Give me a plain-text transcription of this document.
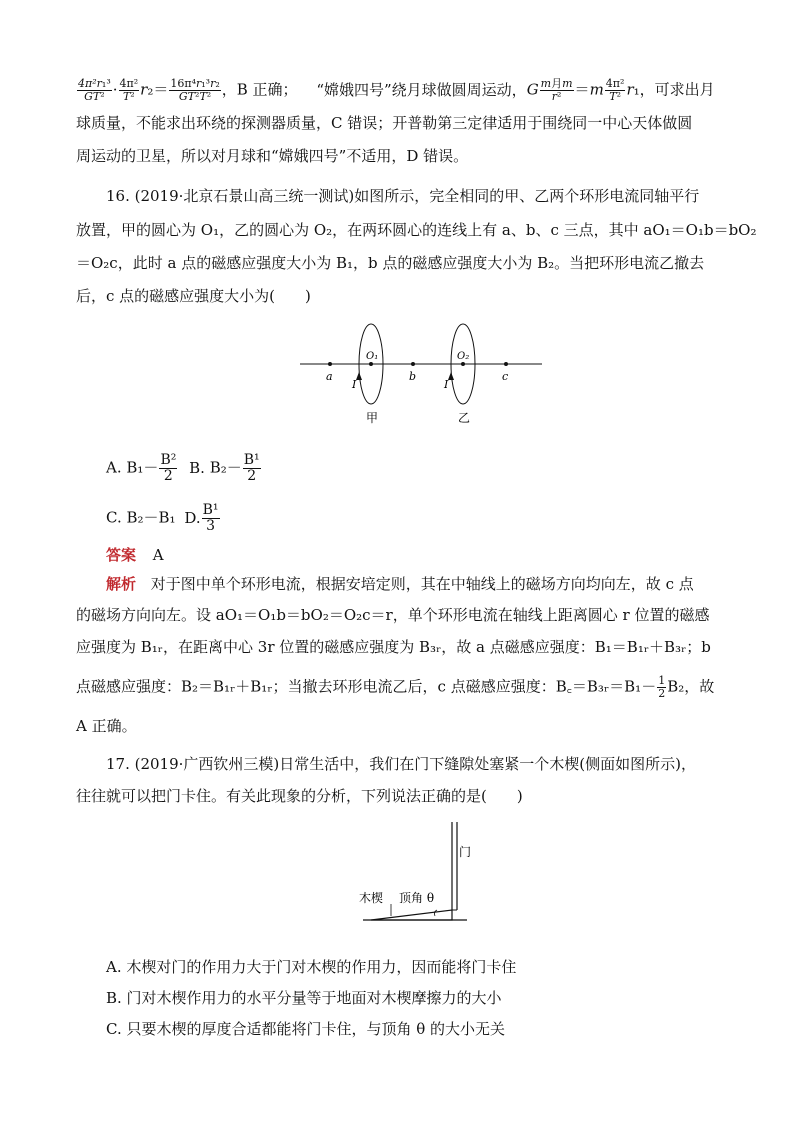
$\frac{\text{4π²r₁³}}{\text{GT²}} \cdot \frac{\text{4π²}}{\text{T²}} r_2= \frac{\text{16π⁴r₁³r₂}}{\text{GT²T²}}$ ，B 正确； “嫦娥四号”绕月球做圆周运动，G $\frac{\text{m月m}}{\text{r²}} =m \frac{\text{4π²}}{\text{T²}} r_1$，可求出月
球质量，不能求出环绕的探测器质量，C 错误；开普勒第三定律适用于围绕同一中心天体做圆
周运动的卫星，所以对月球和“嫦娥四号”不适用，D 错误。
16. (2019·北京石景山高三统一测试)如图所示，完全相同的甲、乙两个环形电流同轴平行
放置，甲的圆心为 O₁，乙的圆心为 O₂，在两环圆心的连线上有 a、b、c 三点，其中 aO₁＝O₁b＝bO₂
＝O₂c，此时 a 点的磁感应强度大小为 B₁，b 点的磁感应强度大小为 B₂。当把环形电流乙撤去
后，c 点的磁感应强度大小为(　　)
a
O₁
b
O₂
c
I	I
甲	乙
A. $B_1- \frac{\text{B²}}{2} B$. $B_2- \frac{\text{B¹}}{2}$
C. B₂－B₁ D. $\frac{\text{B¹}}{3}$
答案 A
解析 对于图中单个环形电流，根据安培定则，其在中轴线上的磁场方向均向左，故 c 点
的磁场方向向左。设 aO₁＝O₁b＝bO₂＝O₂c＝r，单个环形电流在轴线上距离圆心 r 位置的磁感
应强度为 B₁ᵣ，在距离中心 3r 位置的磁感应强度为 B₃ᵣ，故 a 点磁感应强度：B₁＝B₁ᵣ＋B₃ᵣ；b
点磁感应强度：B₂＝B₁ᵣ＋B₁ᵣ；当撤去环形电流乙后，c 点磁感应强度：B꜀＝B₃ᵣ＝B₁－ $\frac{1}{2} B_2$，故
A 正确。
17. (2019·广西钦州三模)日常生活中，我们在门下缝隙处塞紧一个木楔(侧面如图所示)，
往往就可以把门卡住。有关此现象的分析，下列说法正确的是(　　)
门
木楔 顶角 θ
A. 木楔对门的作用力大于门对木楔的作用力，因而能将门卡住
B. 门对木楔作用力的水平分量等于地面对木楔摩擦力的大小
C. 只要木楔的厚度合适都能将门卡住，与顶角 θ 的大小无关
